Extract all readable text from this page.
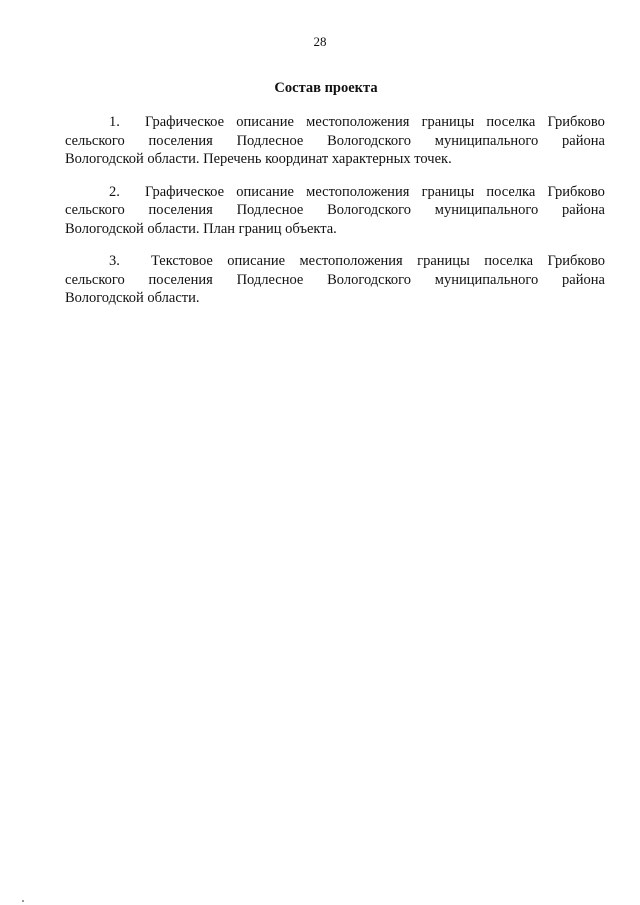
28
Состав проекта
1. Графическое описание местоположения границы поселка Грибково
сельского поселения Подлесное Вологодского муниципального района
Вологодской области. Перечень координат характерных точек.
2. Графическое описание местоположения границы поселка Грибково
сельского поселения Подлесное Вологодского муниципального района
Вологодской области. План границ объекта.
3. Текстовое описание местоположения границы поселка Грибково
сельского поселения Подлесное Вологодского муниципального района
Вологодской области.
